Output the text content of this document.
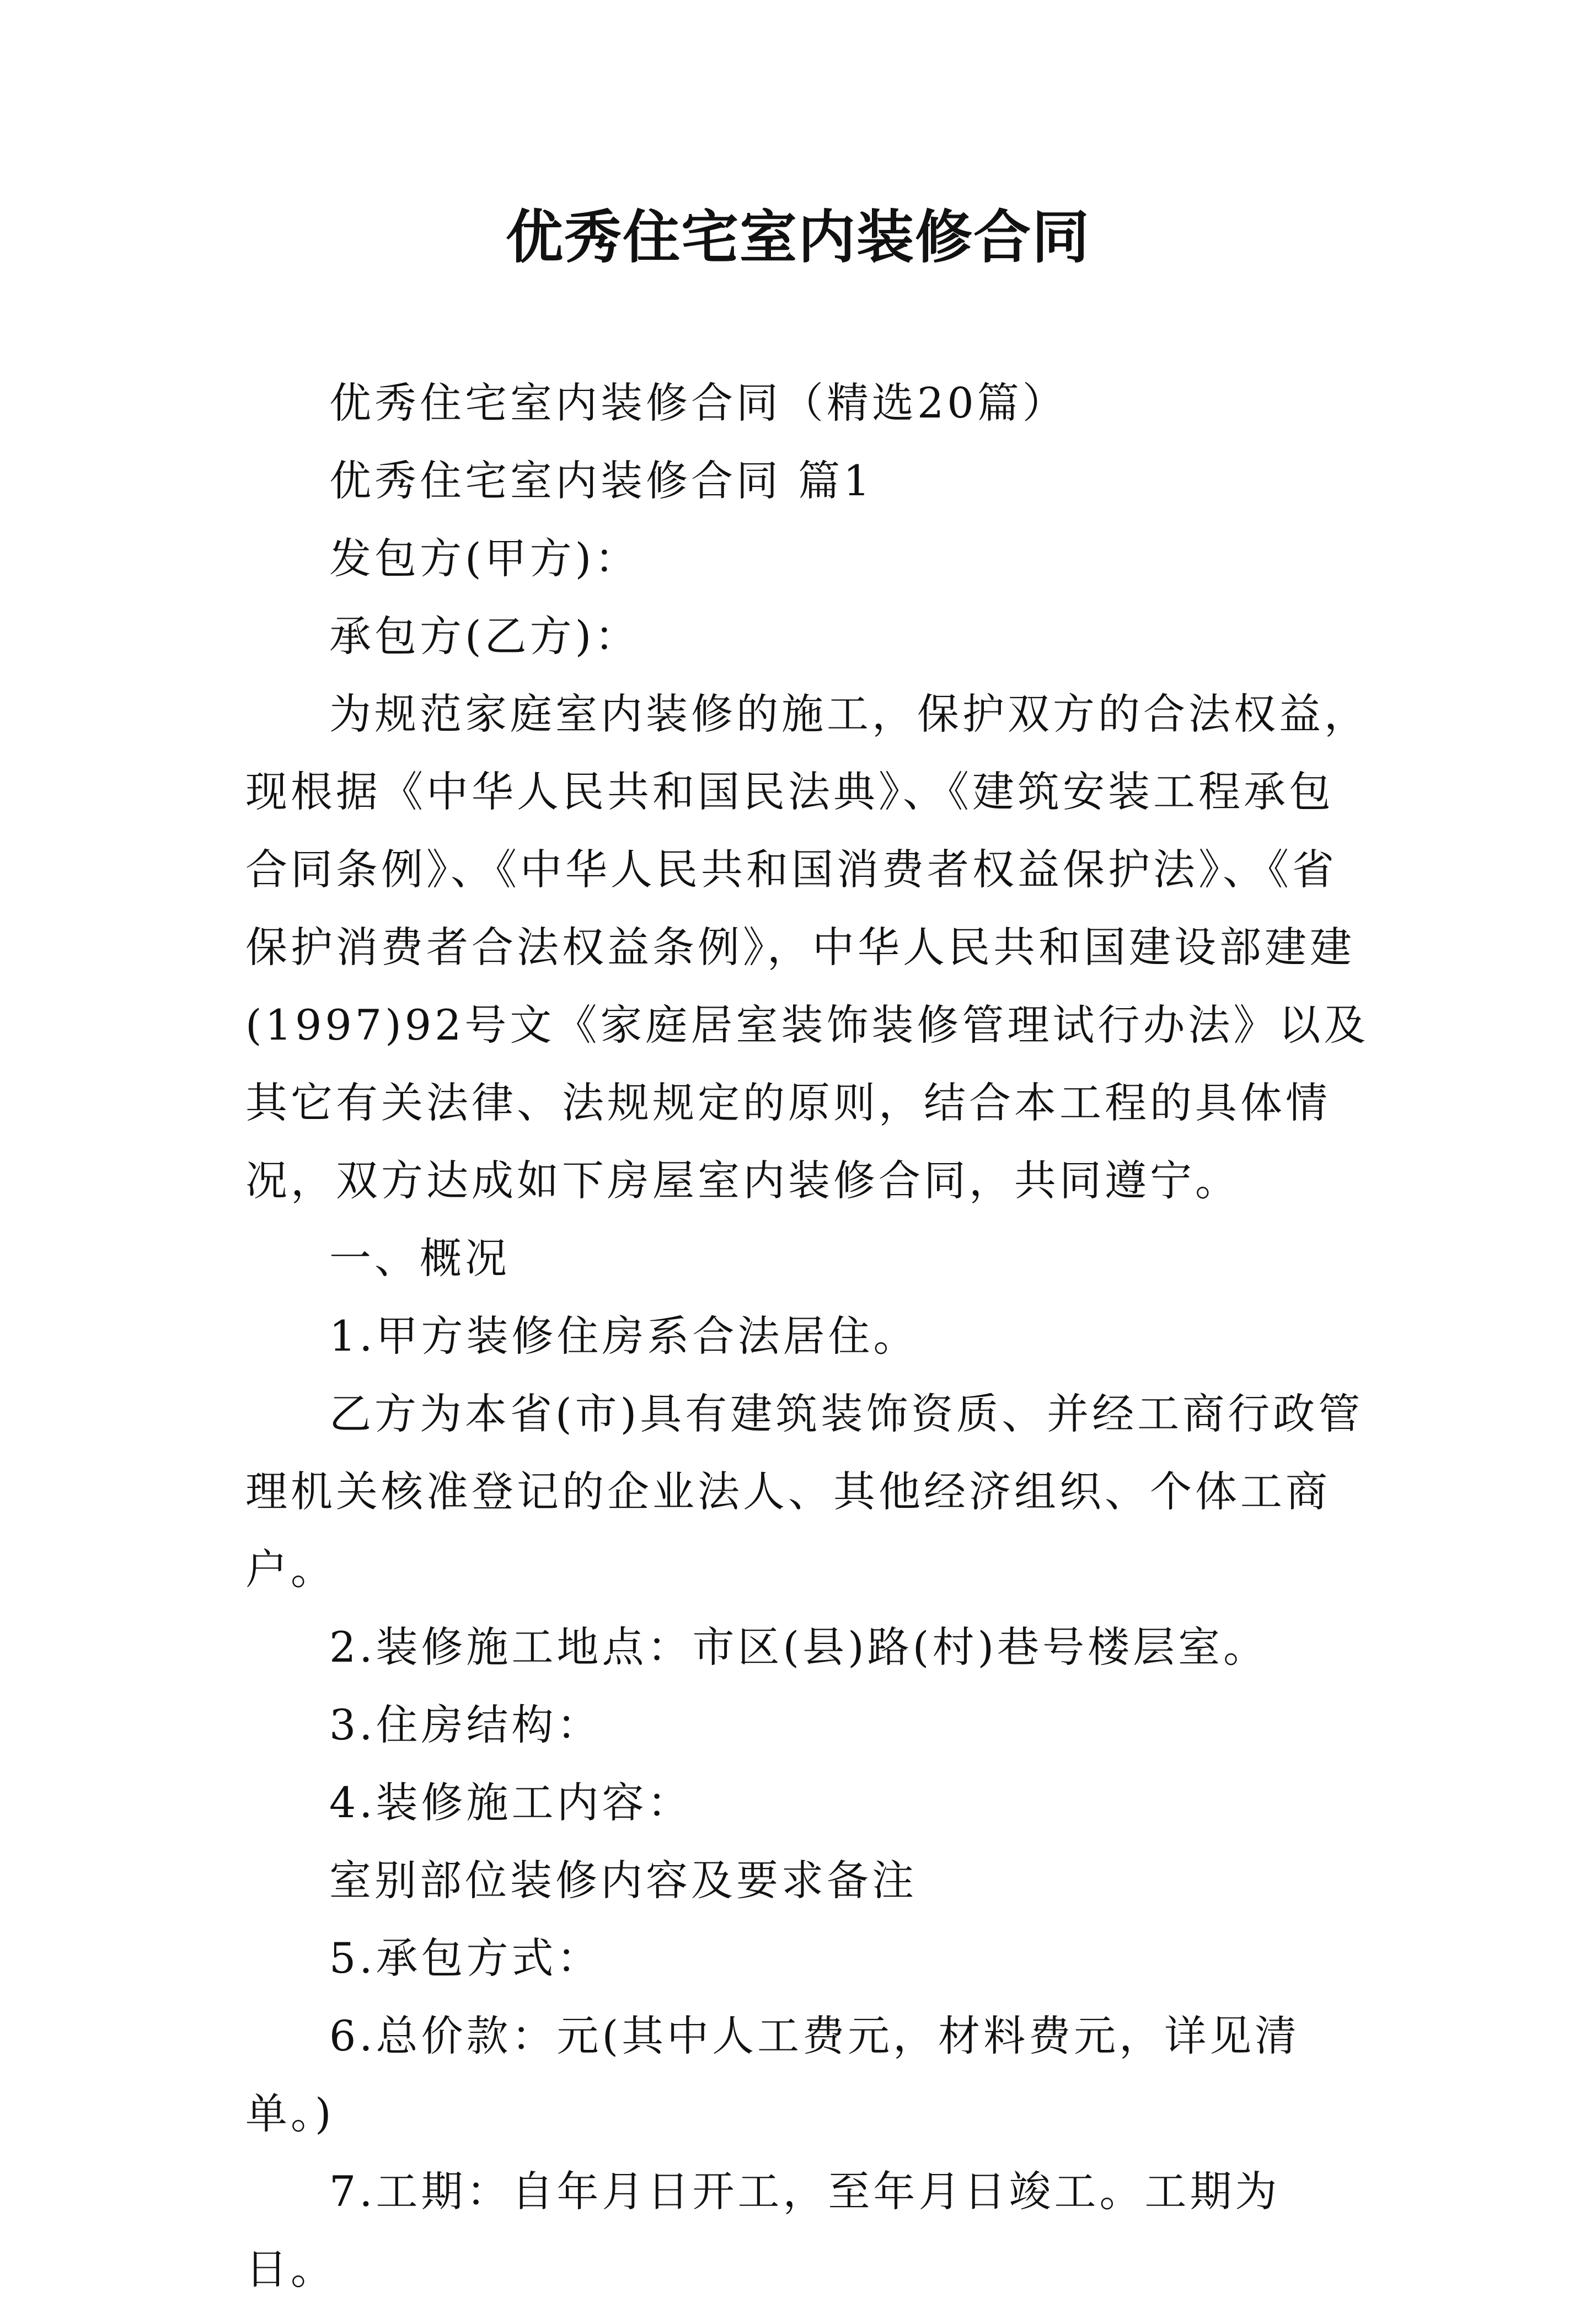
优秀住宅室内装修合同

优秀住宅室内装修合同（精选20篇）

优秀住宅室内装修合同 篇1

发包方(甲方)：

承包方(乙方)：

为规范家庭室内装修的施工，保护双方的合法权益，现根据《中华人民共和国民法典》、《建筑安装工程承包合同条例》、《中华人民共和国消费者权益保护法》、《省保护消费者合法权益条例》，中华人民共和国建设部建建(1997)92号文《家庭居室装饰装修管理试行办法》以及其它有关法律、法规规定的原则，结合本工程的具体情况，双方达成如下房屋室内装修合同，共同遵宁。

一、概况

1.甲方装修住房系合法居住。

乙方为本省(市)具有建筑装饰资质、并经工商行政管理机关核准登记的企业法人、其他经济组织、个体工商户。

2.装修施工地点：市区(县)路(村)巷号楼层室。

3.住房结构：

4.装修施工内容：

室别部位装修内容及要求备注

5.承包方式：

6.总价款：元(其中人工费元，材料费元，详见清单。)

7.工期：自年月日开工，至年月日竣工。工期为日。
